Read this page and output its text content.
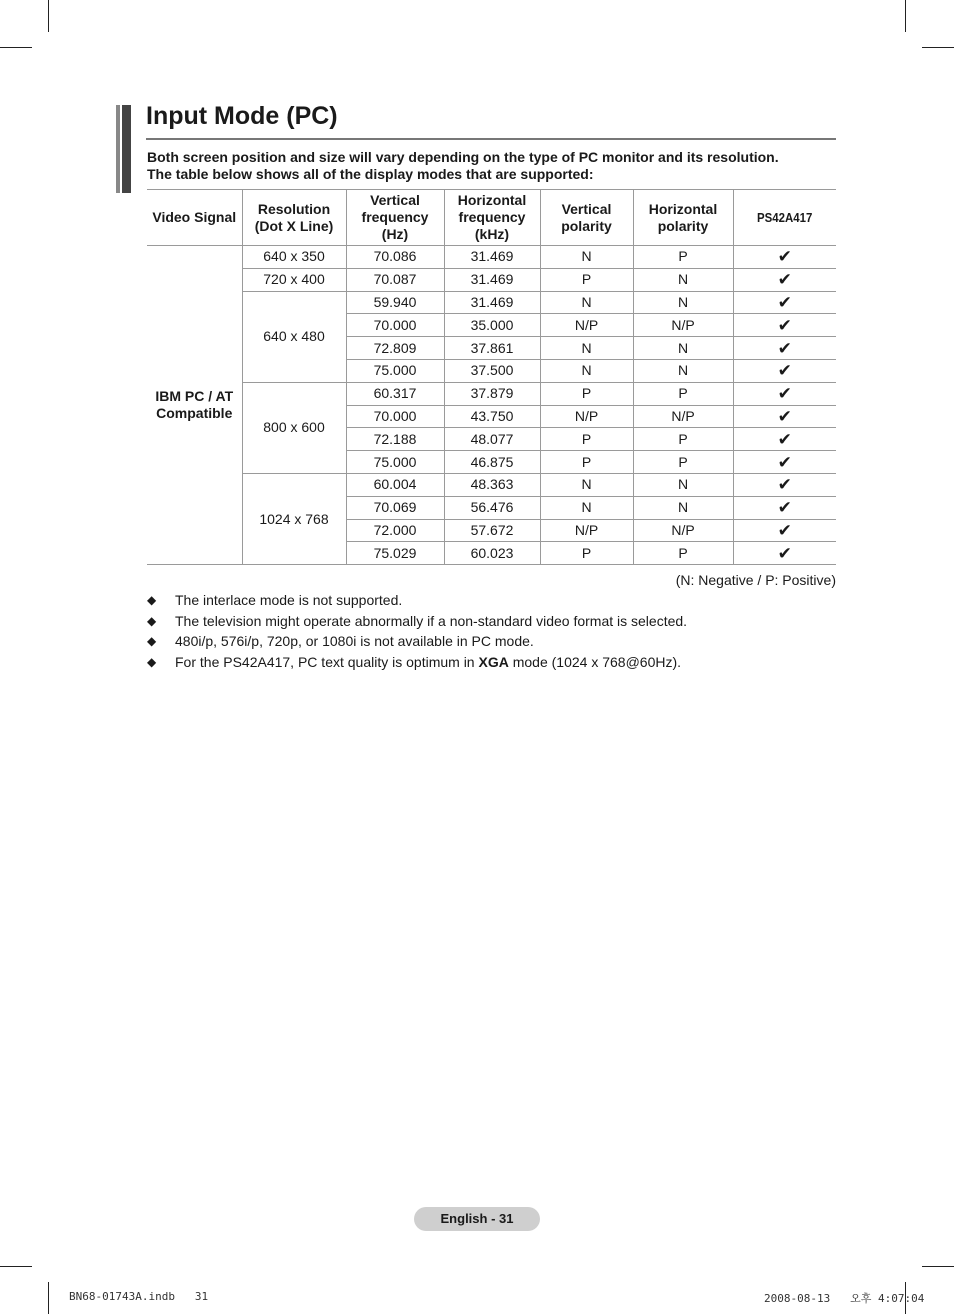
Input Mode (PC)

Both screen position and size will vary depending on the type of PC monitor and its resolution.
The table below shows all of the display modes that are supported:

Video Signal	Resolution (Dot X Line)	Vertical frequency (Hz)	Horizontal frequency (kHz)	Vertical polarity	Horizontal polarity	PS42A417
IBM PC / AT Compatible	640 x 350	70.086	31.469	N	P	✔
	720 x 400	70.087	31.469	P	N	✔
	640 x 480	59.940	31.469	N	N	✔
		70.000	35.000	N/P	N/P	✔
		72.809	37.861	N	N	✔
		75.000	37.500	N	N	✔
	800 x 600	60.317	37.879	P	P	✔
		70.000	43.750	N/P	N/P	✔
		72.188	48.077	P	P	✔
		75.000	46.875	P	P	✔
	1024 x 768	60.004	48.363	N	N	✔
		70.069	56.476	N	N	✔
		72.000	57.672	N/P	N/P	✔
		75.029	60.023	P	P	✔

(N: Negative / P: Positive)

◆	The interlace mode is not supported.
◆	The television might operate abnormally if a non-standard video format is selected.
◆	480i/p, 576i/p, 720p, or 1080i is not available in PC mode.
◆	For the PS42A417, PC text quality is optimum in XGA mode (1024 x 768@60Hz).
English - 31
BN68-01743A.indb   31	2008-08-13   오후 4:07:04
